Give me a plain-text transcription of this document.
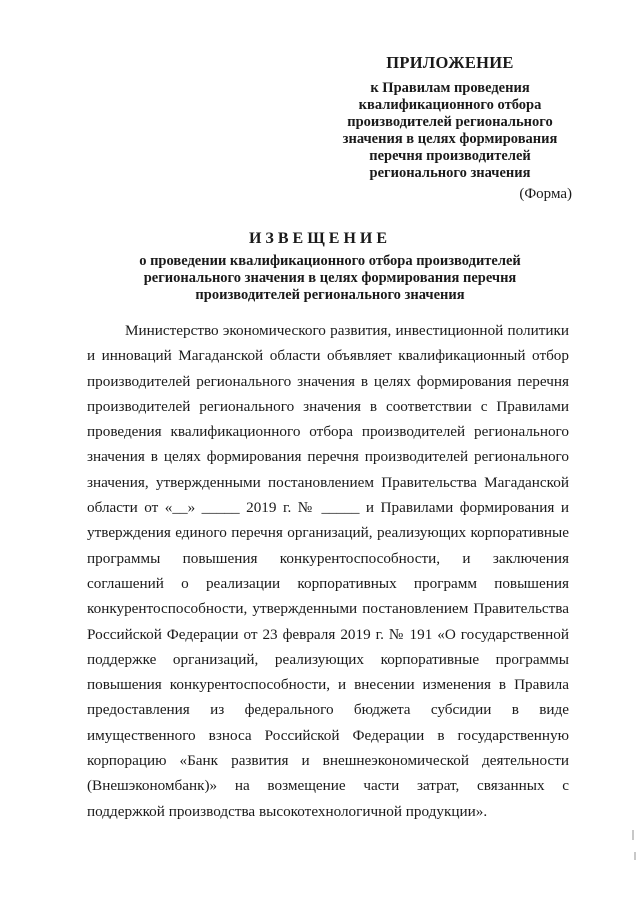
ПРИЛОЖЕНИЕ
к Правилам проведения
квалификационного отбора
производителей регионального
значения в целях формирования
перечня производителей
регионального значения
(Форма)
ИЗВЕЩЕНИЕ
о проведении квалификационного отбора производителей
регионального значения в целях формирования перечня
производителей регионального значения
Министерство экономического развития, инвестиционной политики
и инноваций Магаданской области объявляет квалификационный отбор
производителей регионального значения в целях формирования перечня
производителей регионального значения в соответствии с Правилами
проведения квалификационного отбора производителей регионального
значения в целях формирования перечня производителей регионального
значения, утвержденными постановлением Правительства Магаданской
области от «__» _____ 2019 г. № _____ и Правилами формирования и
утверждения единого перечня организаций, реализующих корпоративные
программы повышения конкурентоспособности, и заключения
соглашений о реализации корпоративных программ повышения
конкурентоспособности, утвержденными постановлением Правительства
Российской Федерации от 23 февраля 2019 г. № 191 «О государственной
поддержке организаций, реализующих корпоративные программы
повышения конкурентоспособности, и внесении изменения в Правила
предоставления из федерального бюджета субсидии в виде
имущественного взноса Российской Федерации в государственную
корпорацию «Банк развития и внешнеэкономической деятельности
(Внешэкономбанк)» на возмещение части затрат, связанных с
поддержкой производства высокотехнологичной продукции».
